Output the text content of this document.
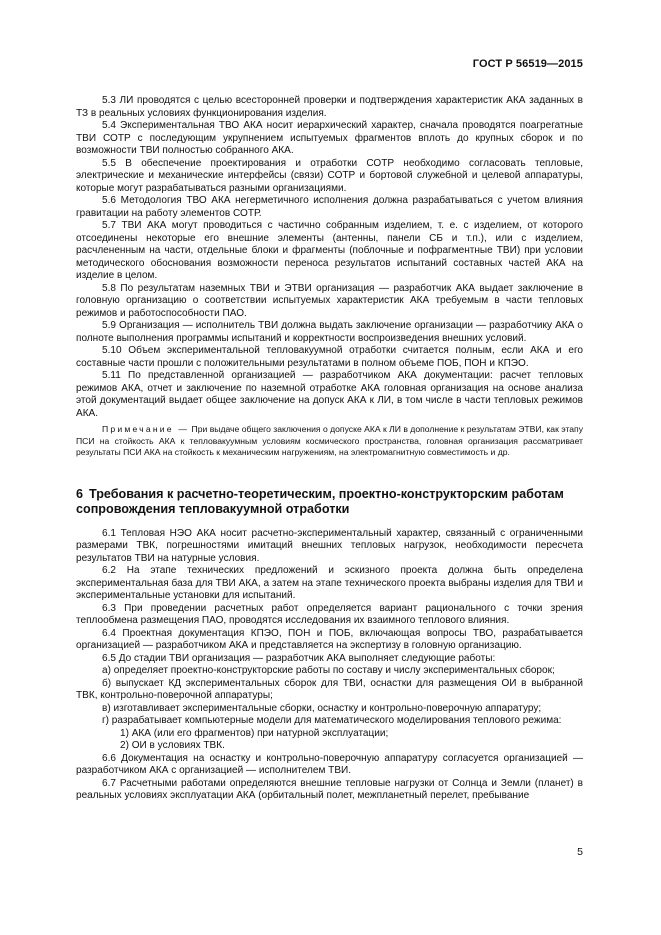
ГОСТ Р 56519—2015

5.3 ЛИ проводятся с целью всесторонней проверки и подтверждения характеристик АКА заданных в ТЗ в реальных условиях функционирования изделия.

5.4 Экспериментальная ТВО АКА носит иерархический характер, сначала проводятся поагрегатные ТВИ СОТР с последующим укрупнением испытуемых фрагментов вплоть до крупных сборок и по возможности ТВИ полностью собранного АКА.

5.5 В обеспечение проектирования и отработки СОТР необходимо согласовать тепловые, электрические и механические интерфейсы (связи) СОТР и бортовой служебной и целевой аппаратуры, которые могут разрабатываться разными организациями.

5.6 Методология ТВО АКА негерметичного исполнения должна разрабатываться с учетом влияния гравитации на работу элементов СОТР.

5.7 ТВИ АКА могут проводиться с частично собранным изделием, т. е. с изделием, от которого отсоединены некоторые его внешние элементы (антенны, панели СБ и т.п.), или с изделием, расчлененным на части, отдельные блоки и фрагменты (поблочные и пофрагментные ТВИ) при условии методического обоснования возможности переноса результатов испытаний составных частей АКА на изделие в целом.

5.8 По результатам наземных ТВИ и ЭТВИ организация — разработчик АКА выдает заключение в головную организацию о соответствии испытуемых характеристик АКА требуемым в части тепловых режимов и работоспособности ПАО.

5.9 Организация — исполнитель ТВИ должна выдать заключение организации — разработчику АКА о полноте выполнения программы испытаний и корректности воспроизведения внешних условий.

5.10 Объем экспериментальной тепловакуумной отработки считается полным, если АКА и его составные части прошли с положительными результатами в полном объеме ПОБ, ПОН и КПЭО.

5.11 По представленной организацией — разработчиком АКА документации: расчет тепловых режимов АКА, отчет и заключение по наземной отработке АКА головная организация на основе анализа этой документаций выдает общее заключение на допуск АКА к ЛИ, в том числе в части тепловых режимов АКА.

Примечание — При выдаче общего заключения о допуске АКА к ЛИ в дополнение к результатам ЭТВИ, как этапу ПСИ на стойкость АКА к тепловакуумным условиям космического пространства, головная организация рассматривает результаты ПСИ АКА на стойкость к механическим нагружениям, на электромагнитную совместимость и др.
6 Требования к расчетно-теоретическим, проектно-конструкторским работам сопровождения тепловакуумной отработки

6.1 Тепловая НЭО АКА носит расчетно-экспериментальный характер, связанный с ограниченными размерами ТВК, погрешностями имитаций внешних тепловых нагрузок, необходимости пересчета результатов ТВИ на натурные условия.

6.2 На этапе технических предложений и эскизного проекта должна быть определена экспериментальная база для ТВИ АКА, а затем на этапе технического проекта выбраны изделия для ТВИ и экспериментальные установки для испытаний.

6.3 При проведении расчетных работ определяется вариант рационального с точки зрения теплообмена размещения ПАО, проводятся исследования их взаимного теплового влияния.

6.4 Проектная документация КПЭО, ПОН и ПОБ, включающая вопросы ТВО, разрабатывается организацией — разработчиком АКА и представляется на экспертизу в головную организацию.

6.5 До стадии ТВИ организация — разработчик АКА выполняет следующие работы:

а) определяет проектно-конструкторские работы по составу и числу экспериментальных сборок;

б) выпускает КД экспериментальных сборок для ТВИ, оснастки для размещения ОИ в выбранной ТВК, контрольно-поверочной аппаратуры;

в) изготавливает экспериментальные сборки, оснастку и контрольно-поверочную аппаратуру;

г) разрабатывает компьютерные модели для математического моделирования теплового режима:

1) АКА (или его фрагментов) при натурной эксплуатации;

2) ОИ в условиях ТВК.

6.6 Документация на оснастку и контрольно-поверочную аппаратуру согласуется организацией — разработчиком АКА с организацией — исполнителем ТВИ.

6.7 Расчетными работами определяются внешние тепловые нагрузки от Солнца и Земли (планет) в реальных условиях эксплуатации АКА (орбитальный полет, межпланетный перелет, пребывание

5
